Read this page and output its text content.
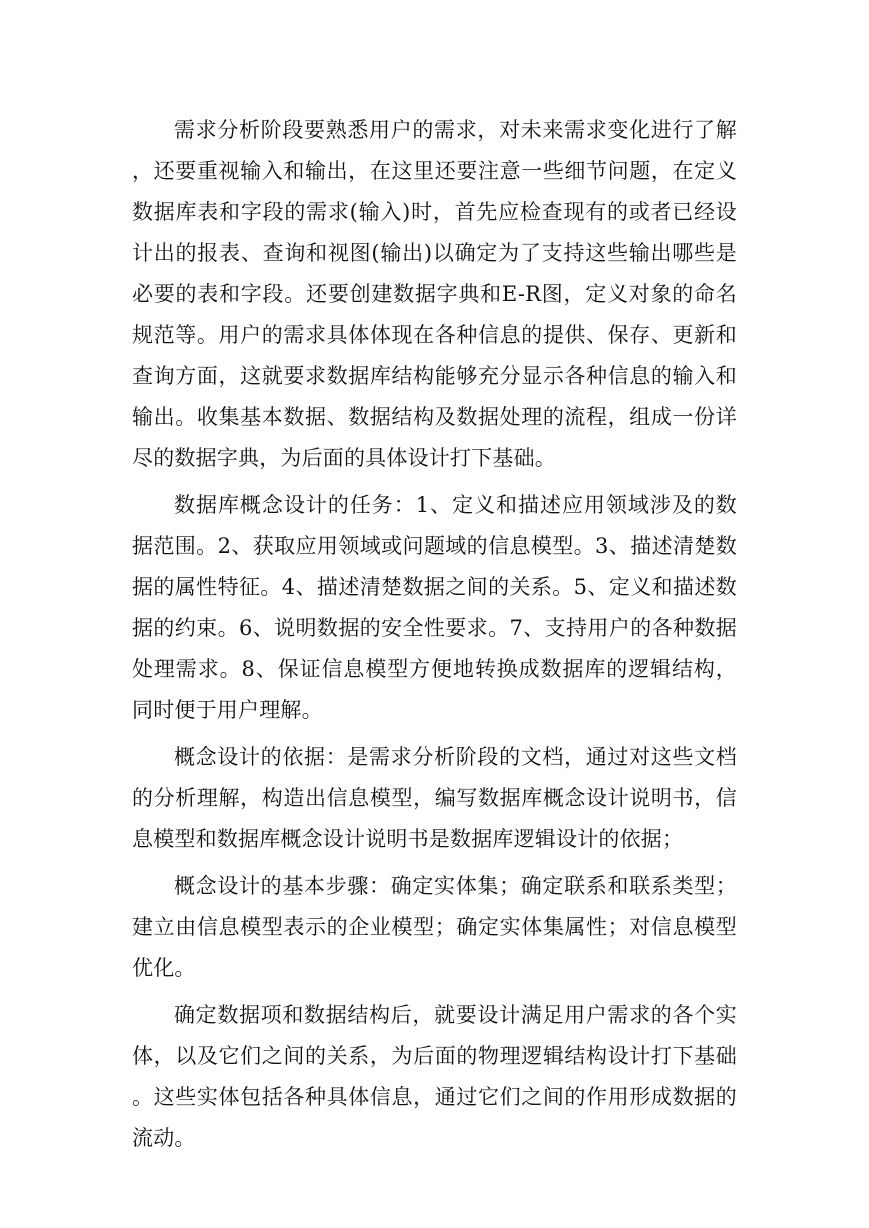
需求分析阶段要熟悉用户的需求，对未来需求变化进行了解，还要重视输入和输出，在这里还要注意一些细节问题，在定义数据库表和字段的需求(输入)时，首先应检查现有的或者已经设计出的报表、查询和视图(输出)以确定为了支持这些输出哪些是必要的表和字段。还要创建数据字典和E-R图，定义对象的命名规范等。用户的需求具体体现在各种信息的提供、保存、更新和查询方面，这就要求数据库结构能够充分显示各种信息的输入和输出。收集基本数据、数据结构及数据处理的流程，组成一份详尽的数据字典，为后面的具体设计打下基础。

数据库概念设计的任务：1、定义和描述应用领域涉及的数据范围。2、获取应用领域或问题域的信息模型。3、描述清楚数据的属性特征。4、描述清楚数据之间的关系。5、定义和描述数据的约束。6、说明数据的安全性要求。7、支持用户的各种数据处理需求。8、保证信息模型方便地转换成数据库的逻辑结构，同时便于用户理解。

概念设计的依据：是需求分析阶段的文档，通过对这些文档的分析理解，构造出信息模型，编写数据库概念设计说明书，信息模型和数据库概念设计说明书是数据库逻辑设计的依据；

概念设计的基本步骤：确定实体集；确定联系和联系类型；建立由信息模型表示的企业模型；确定实体集属性；对信息模型优化。

确定数据项和数据结构后，就要设计满足用户需求的各个实体，以及它们之间的关系，为后面的物理逻辑结构设计打下基础。这些实体包括各种具体信息，通过它们之间的作用形成数据的流动。
